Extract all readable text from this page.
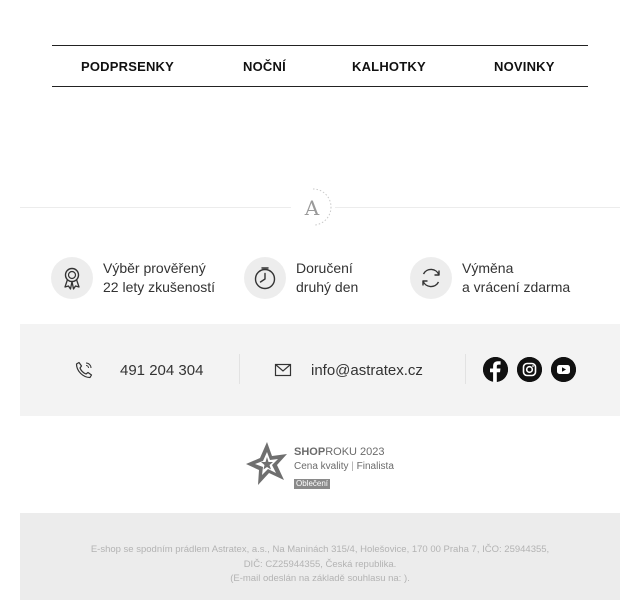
PODPRSENKY	NOČNÍ	KALHOTKY	NOVINKY
A
Výběr prověřený
22 lety zkušeností
Doručení
druhý den
Výměna
a vrácení zdarma
491 204 304	info@astratex.cz
SHOPROKU 2023
Cena kvality | Finalista
Oblečení
E-shop se spodním prádlem Astratex, a.s., Na Maninách 315/4, Holešovice, 170 00 Praha 7, IČO: 25944355,
DIČ: CZ25944355, Česká republika.
(E-mail odeslán na základě souhlasu na: ).
